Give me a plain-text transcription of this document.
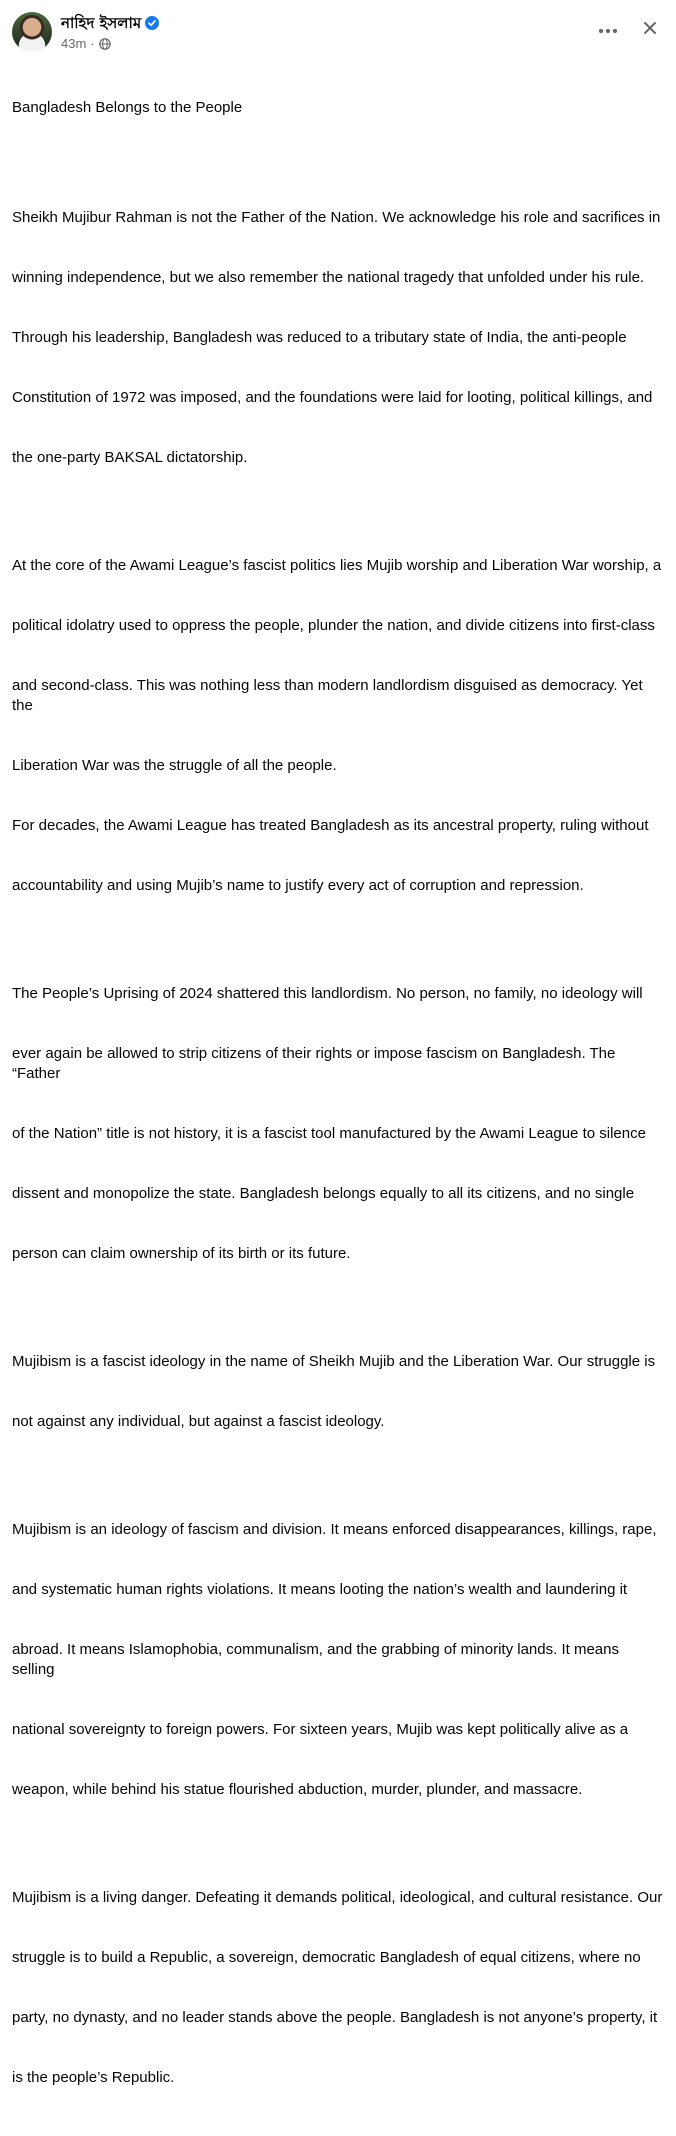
নাহিদ ইসলাম
43m ·

Bangladesh Belongs to the People

Sheikh Mujibur Rahman is not the Father of the Nation. We acknowledge his role and sacrifices in

winning independence, but we also remember the national tragedy that unfolded under his rule.

Through his leadership, Bangladesh was reduced to a tributary state of India, the anti-people

Constitution of 1972 was imposed, and the foundations were laid for looting, political killings, and

the one-party BAKSAL dictatorship.

At the core of the Awami League’s fascist politics lies Mujib worship and Liberation War worship, a

political idolatry used to oppress the people, plunder the nation, and divide citizens into first-class

and second-class. This was nothing less than modern landlordism disguised as democracy. Yet the

Liberation War was the struggle of all the people.

For decades, the Awami League has treated Bangladesh as its ancestral property, ruling without

accountability and using Mujib’s name to justify every act of corruption and repression.

The People’s Uprising of 2024 shattered this landlordism. No person, no family, no ideology will

ever again be allowed to strip citizens of their rights or impose fascism on Bangladesh. The “Father

of the Nation” title is not history, it is a fascist tool manufactured by the Awami League to silence

dissent and monopolize the state. Bangladesh belongs equally to all its citizens, and no single

person can claim ownership of its birth or its future.

Mujibism is a fascist ideology in the name of Sheikh Mujib and the Liberation War. Our struggle is

not against any individual, but against a fascist ideology.

Mujibism is an ideology of fascism and division. It means enforced disappearances, killings, rape,

and systematic human rights violations. It means looting the nation’s wealth and laundering it

abroad. It means Islamophobia, communalism, and the grabbing of minority lands. It means selling

national sovereignty to foreign powers. For sixteen years, Mujib was kept politically alive as a

weapon, while behind his statue flourished abduction, murder, plunder, and massacre.

Mujibism is a living danger. Defeating it demands political, ideological, and cultural resistance. Our

struggle is to build a Republic, a sovereign, democratic Bangladesh of equal citizens, where no

party, no dynasty, and no leader stands above the people. Bangladesh is not anyone’s property, it

is the people’s Republic.
